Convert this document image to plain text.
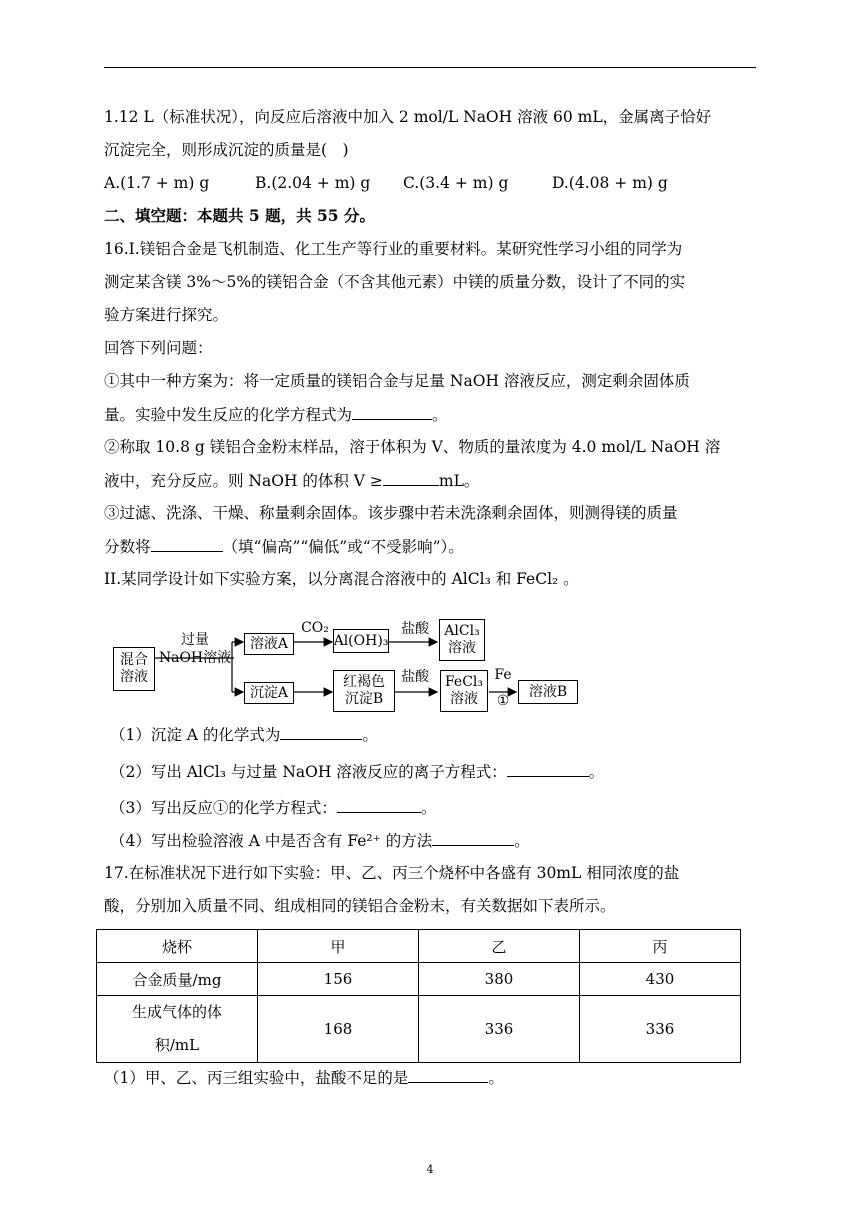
1.12 L（标准状况），向反应后溶液中加入 2 mol/L NaOH 溶液 60 mL，金属离子恰好
沉淀完全，则形成沉淀的质量是(　)
A.(1.7 + m) g	B.(2.04 + m) g C.(3.4 + m) g	D.(4.08 + m) g
二、填空题：本题共 5 题，共 55 分。
16.I.镁铝合金是飞机制造、化工生产等行业的重要材料。某研究性学习小组的同学为
测定某含镁 3%～5%的镁铝合金（不含其他元素）中镁的质量分数，设计了不同的实
验方案进行探究。
回答下列问题：
①其中一种方案为：将一定质量的镁铝合金与足量 NaOH 溶液反应，测定剩余固体质
量。实验中发生反应的化学方程式为	。
②称取 10.8 g 镁铝合金粉末样品，溶于体积为 V、物质的量浓度为 4.0 mol/L NaOH 溶
液中，充分反应。则 NaOH 的体积 V ≥	mL。
③过滤、洗涤、干燥、称量剩余固体。该步骤中若未洗涤剩余固体，则测得镁的质量
分数将	（填“偏高”“偏低”或“不受影响”）。
II.某同学设计如下实验方案，以分离混合溶液中的 AlCl₃ 和 FeCl₂ 。
混合溶液
过量
NaOH溶液
溶液A
CO₂
Al(OH)₃
盐酸	AlCl₃溶液
沉淀A
红褐色沉淀B
盐酸	FeCl₃溶液
Fe
①
溶液B
（1）沉淀 A 的化学式为	。
（2）写出 AlCl₃ 与过量 NaOH 溶液反应的离子方程式：	。
（3）写出反应①的化学方程式：	。
（4）写出检验溶液 A 中是否含有 Fe²⁺ 的方法	。
17.在标准状况下进行如下实验：甲、乙、丙三个烧杯中各盛有 30mL 相同浓度的盐
酸，分别加入质量不同、组成相同的镁铝合金粉末，有关数据如下表所示。
烧杯	甲	乙	丙
合金质量/mg	156	380	430
生成气体的体积/mL	168	336	336
（1）甲、乙、丙三组实验中，盐酸不足的是	。
4
